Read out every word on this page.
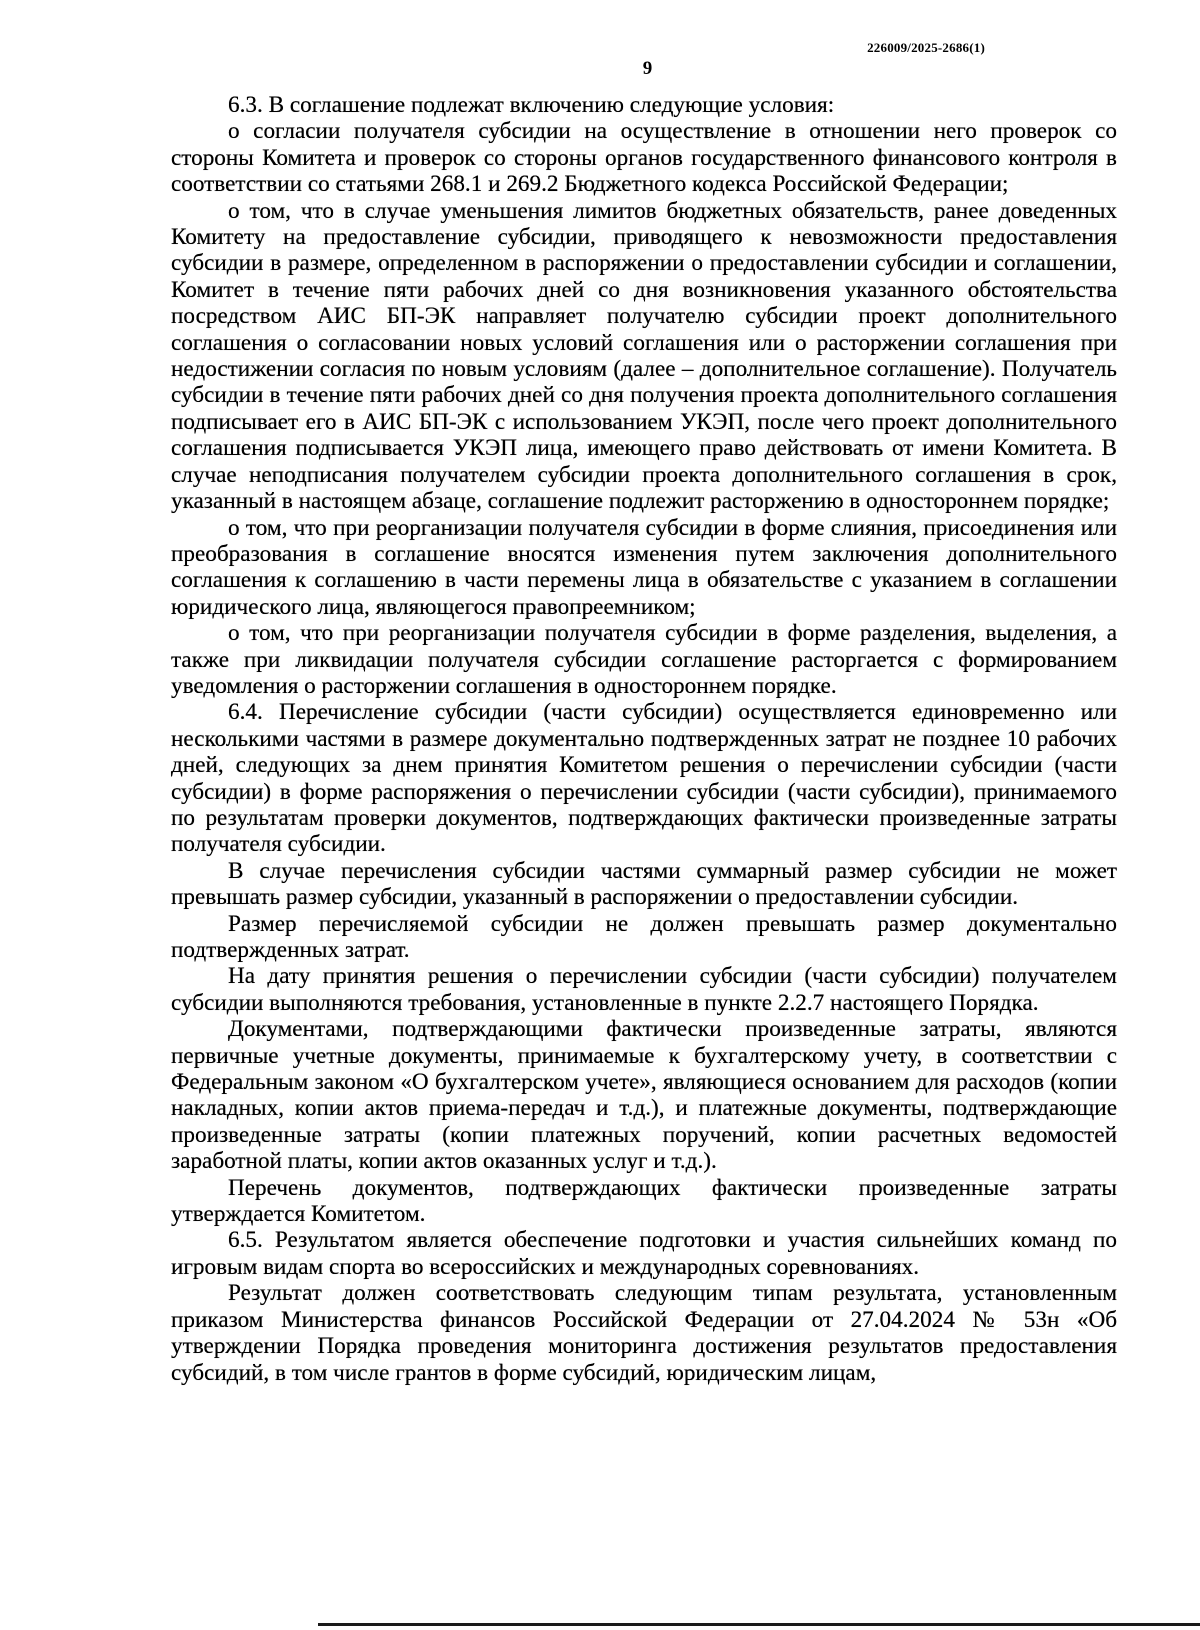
226009/2025-2686(1)
9

6.3. В соглашение подлежат включению следующие условия:

о согласии получателя субсидии на осуществление в отношении него проверок со стороны Комитета и проверок со стороны органов государственного финансового контроля в соответствии со статьями 268.1 и 269.2 Бюджетного кодекса Российской Федерации;

о том, что в случае уменьшения лимитов бюджетных обязательств, ранее доведенных Комитету на предоставление субсидии, приводящего к невозможности предоставления субсидии в размере, определенном в распоряжении о предоставлении субсидии и соглашении, Комитет в течение пяти рабочих дней со дня возникновения указанного обстоятельства посредством АИС БП-ЭК направляет получателю субсидии проект дополнительного соглашения о согласовании новых условий соглашения или о расторжении соглашения при недостижении согласия по новым условиям (далее – дополнительное соглашение). Получатель субсидии в течение пяти рабочих дней со дня получения проекта дополнительного соглашения подписывает его в АИС БП-ЭК с использованием УКЭП, после чего проект дополнительного соглашения подписывается УКЭП лица, имеющего право действовать от имени Комитета. В случае неподписания получателем субсидии проекта дополнительного соглашения в срок, указанный в настоящем абзаце, соглашение подлежит расторжению в одностороннем порядке;

о том, что при реорганизации получателя субсидии в форме слияния, присоединения или преобразования в соглашение вносятся изменения путем заключения дополнительного соглашения к соглашению в части перемены лица в обязательстве с указанием в соглашении юридического лица, являющегося правопреемником;

о том, что при реорганизации получателя субсидии в форме разделения, выделения, а также при ликвидации получателя субсидии соглашение расторгается с формированием уведомления о расторжении соглашения в одностороннем порядке.

6.4. Перечисление субсидии (части субсидии) осуществляется единовременно или несколькими частями в размере документально подтвержденных затрат не позднее 10 рабочих дней, следующих за днем принятия Комитетом решения о перечислении субсидии (части субсидии) в форме распоряжения о перечислении субсидии (части субсидии), принимаемого по результатам проверки документов, подтверждающих фактически произведенные затраты получателя субсидии.

В случае перечисления субсидии частями суммарный размер субсидии не может превышать размер субсидии, указанный в распоряжении о предоставлении субсидии.

Размер перечисляемой субсидии не должен превышать размер документально подтвержденных затрат.

На дату принятия решения о перечислении субсидии (части субсидии) получателем субсидии выполняются требования, установленные в пункте 2.2.7 настоящего Порядка.

Документами, подтверждающими фактически произведенные затраты, являются первичные учетные документы, принимаемые к бухгалтерскому учету, в соответствии с Федеральным законом «О бухгалтерском учете», являющиеся основанием для расходов (копии накладных, копии актов приема-передач и т.д.), и платежные документы, подтверждающие произведенные затраты (копии платежных поручений, копии расчетных ведомостей заработной платы, копии актов оказанных услуг и т.д.).

Перечень документов, подтверждающих фактически произведенные затраты утверждается Комитетом.

6.5. Результатом является обеспечение подготовки и участия сильнейших команд по игровым видам спорта во всероссийских и международных соревнованиях.

Результат должен соответствовать следующим типам результата, установленным приказом Министерства финансов Российской Федерации от 27.04.2024 № 53н «Об утверждении Порядка проведения мониторинга достижения результатов предоставления субсидий, в том числе грантов в форме субсидий, юридическим лицам,
